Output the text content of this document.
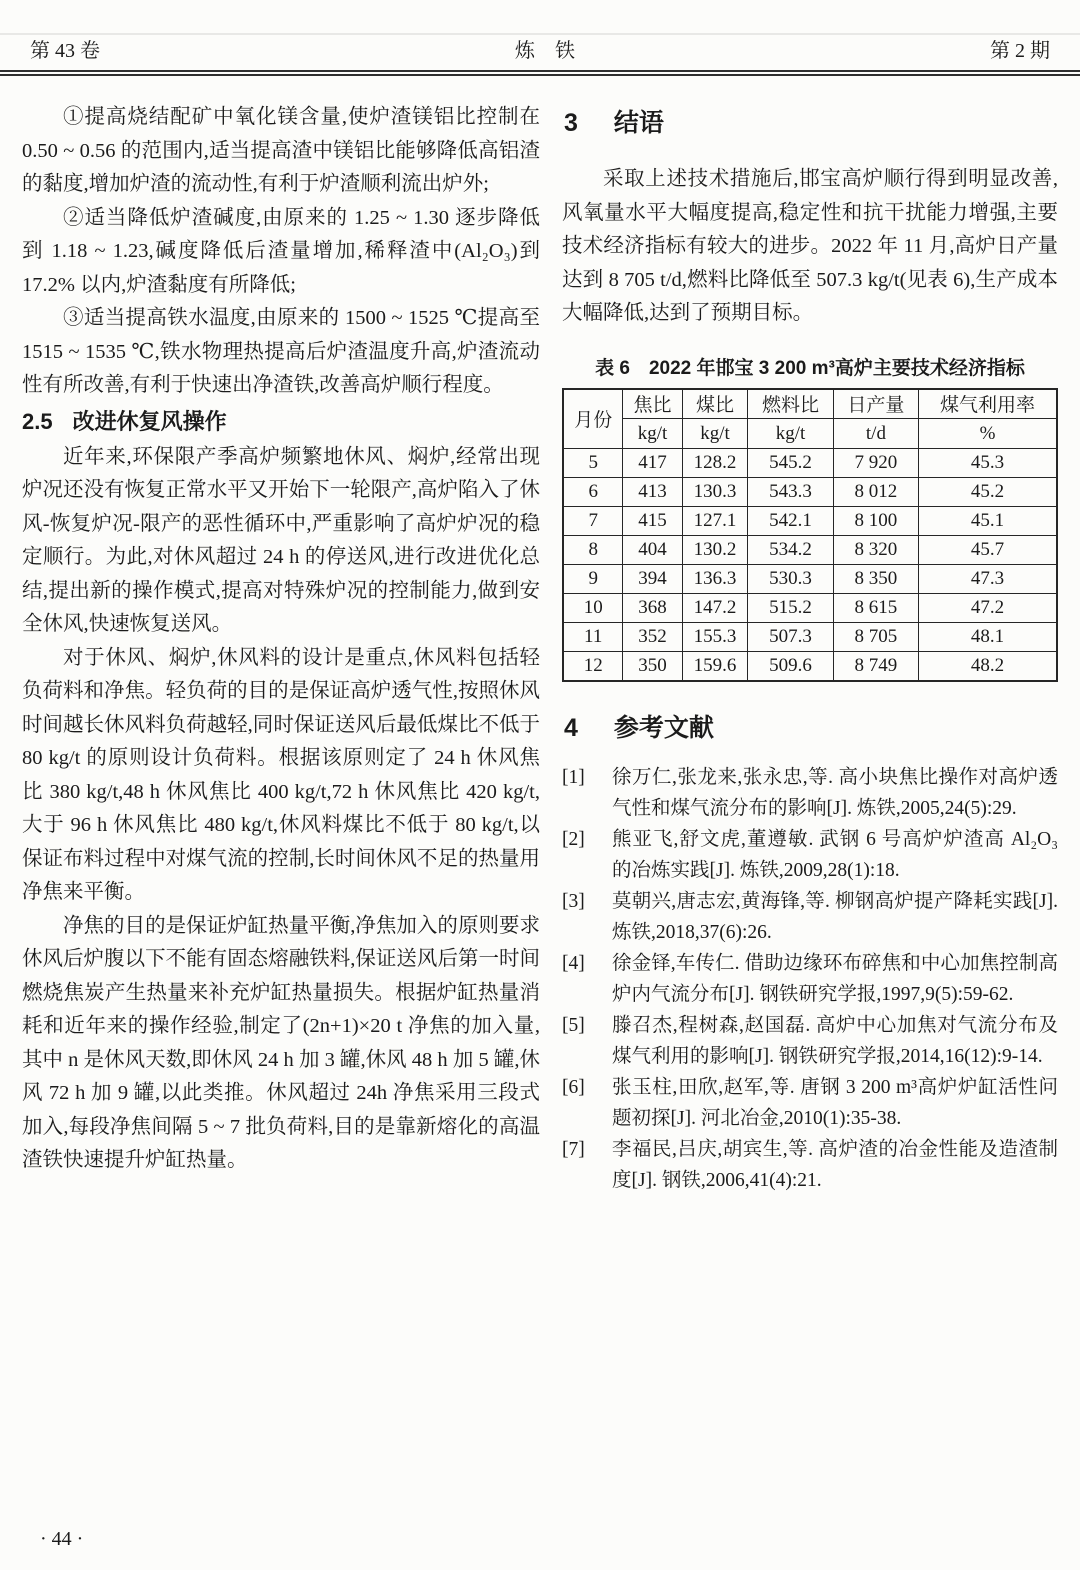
第 43 卷	炼　铁	第 2 期

①提高烧结配矿中氧化镁含量,使炉渣镁铝比控制在 0.50 ~ 0.56 的范围内,适当提高渣中镁铝比能够降低高铝渣的黏度,增加炉渣的流动性,有利于炉渣顺利流出炉外;

②适当降低炉渣碱度,由原来的 1.25 ~ 1.30 逐步降低到 1.18 ~ 1.23,碱度降低后渣量增加,稀释渣中(Al₂O₃)到 17.2% 以内,炉渣黏度有所降低;

③适当提高铁水温度,由原来的 1500 ~ 1525 ℃提高至 1515 ~ 1535 ℃,铁水物理热提高后炉渣温度升高,炉渣流动性有所改善,有利于快速出净渣铁,改善高炉顺行程度。

2.5 改进休复风操作

近年来,环保限产季高炉频繁地休风、焖炉,经常出现炉况还没有恢复正常水平又开始下一轮限产,高炉陷入了休风-恢复炉况-限产的恶性循环中,严重影响了高炉炉况的稳定顺行。为此,对休风超过 24 h 的停送风,进行改进优化总结,提出新的操作模式,提高对特殊炉况的控制能力,做到安全休风,快速恢复送风。

对于休风、焖炉,休风料的设计是重点,休风料包括轻负荷料和净焦。轻负荷的目的是保证高炉透气性,按照休风时间越长休风料负荷越轻,同时保证送风后最低煤比不低于 80 kg/t 的原则设计负荷料。根据该原则定了 24 h 休风焦比 380 kg/t,48 h 休风焦比 400 kg/t,72 h 休风焦比 420 kg/t,大于 96 h 休风焦比 480 kg/t,休风料煤比不低于 80 kg/t,以保证布料过程中对煤气流的控制,长时间休风不足的热量用净焦来平衡。

净焦的目的是保证炉缸热量平衡,净焦加入的原则要求休风后炉腹以下不能有固态熔融铁料,保证送风后第一时间燃烧焦炭产生热量来补充炉缸热量损失。根据炉缸热量消耗和近年来的操作经验,制定了(2n+1)×20 t 净焦的加入量,其中 n 是休风天数,即休风 24 h 加 3 罐,休风 48 h 加 5 罐,休风 72 h 加 9 罐,以此类推。休风超过 24h 净焦采用三段式加入,每段净焦间隔 5 ~ 7 批负荷料,目的是靠新熔化的高温渣铁快速提升炉缸热量。

3 结语

采取上述技术措施后,邯宝高炉顺行得到明显改善,风氧量水平大幅度提高,稳定性和抗干扰能力增强,主要技术经济指标有较大的进步。2022 年 11 月,高炉日产量达到 8 705 t/d,燃料比降低至 507.3 kg/t(见表 6),生产成本大幅降低,达到了预期目标。

表 6　2022 年邯宝 3 200 m³高炉主要技术经济指标
月份	焦比	煤比	燃料比	日产量	煤气利用率
	kg/t	kg/t	kg/t	t/d	%
5	417	128.2	545.2	7 920	45.3
6	413	130.3	543.3	8 012	45.2
7	415	127.1	542.1	8 100	45.1
8	404	130.2	534.2	8 320	45.7
9	394	136.3	530.3	8 350	47.3
10	368	147.2	515.2	8 615	47.2
11	352	155.3	507.3	8 705	48.1
12	350	159.6	509.6	8 749	48.2
4 参考文献
[1]	徐万仁,张龙来,张永忠,等. 高小块焦比操作对高炉透气性和煤气流分布的影响[J]. 炼铁,2005,24(5):29.
[2]	熊亚飞,舒文虎,董遵敏. 武钢 6 号高炉炉渣高 Al₂O₃ 的冶炼实践[J]. 炼铁,2009,28(1):18.
[3]	莫朝兴,唐志宏,黄海锋,等. 柳钢高炉提产降耗实践[J]. 炼铁,2018,37(6):26.
[4]	徐金铎,车传仁. 借助边缘环布碎焦和中心加焦控制高炉内气流分布[J]. 钢铁研究学报,1997,9(5):59-62.
[5]	滕召杰,程树森,赵国磊. 高炉中心加焦对气流分布及煤气利用的影响[J]. 钢铁研究学报,2014,16(12):9-14.
[6]	张玉柱,田欣,赵军,等. 唐钢 3 200 m³高炉炉缸活性问题初探[J]. 河北冶金,2010(1):35-38.
[7]	李福民,吕庆,胡宾生,等. 高炉渣的冶金性能及造渣制度[J]. 钢铁,2006,41(4):21.
· 44 ·
